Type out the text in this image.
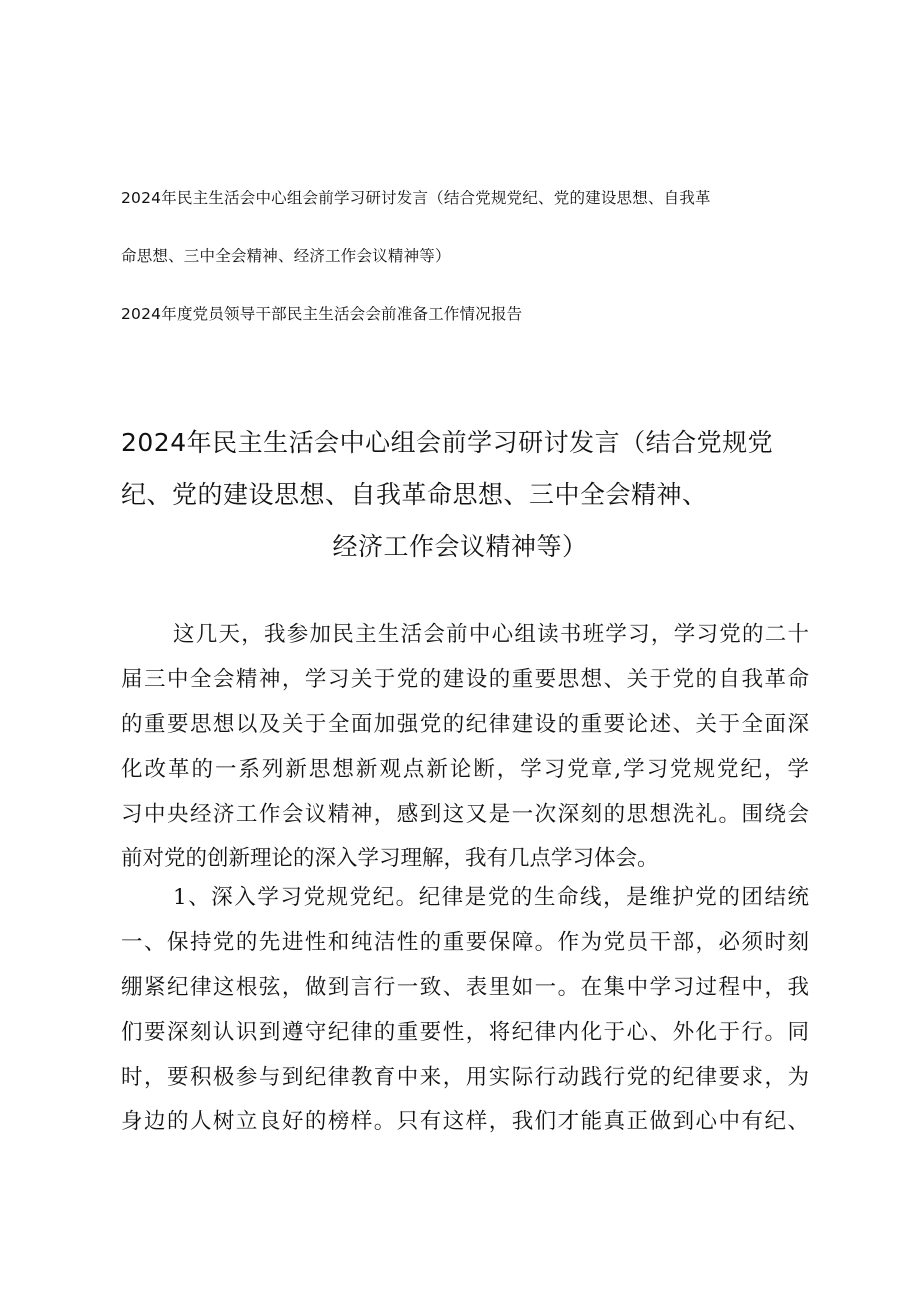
2024年民主生活会中心组会前学习研讨发言（结合党规党纪、党的建设思想、自我革

命思想、三中全会精神、经济工作会议精神等）

2024年度党员领导干部民主生活会会前准备工作情况报告

2024年民主生活会中心组会前学习研讨发言（结合党规党
纪、党的建设思想、自我革命思想、三中全会精神、
经济工作会议精神等）

这几天，我参加民主生活会前中心组读书班学习，学习党的二十

届三中全会精神，学习关于党的建设的重要思想、关于党的自我革命

的重要思想以及关于全面加强党的纪律建设的重要论述、关于全面深

化改革的一系列新思想新观点新论断，学习党章,学习党规党纪，学

习中央经济工作会议精神，感到这又是一次深刻的思想洗礼。围绕会

前对党的创新理论的深入学习理解，我有几点学习体会。

1、深入学习党规党纪。纪律是党的生命线，是维护党的团结统

一、保持党的先进性和纯洁性的重要保障。作为党员干部，必须时刻

绷紧纪律这根弦，做到言行一致、表里如一。在集中学习过程中，我

们要深刻认识到遵守纪律的重要性，将纪律内化于心、外化于行。同

时，要积极参与到纪律教育中来，用实际行动践行党的纪律要求，为

身边的人树立良好的榜样。只有这样，我们才能真正做到心中有纪、
